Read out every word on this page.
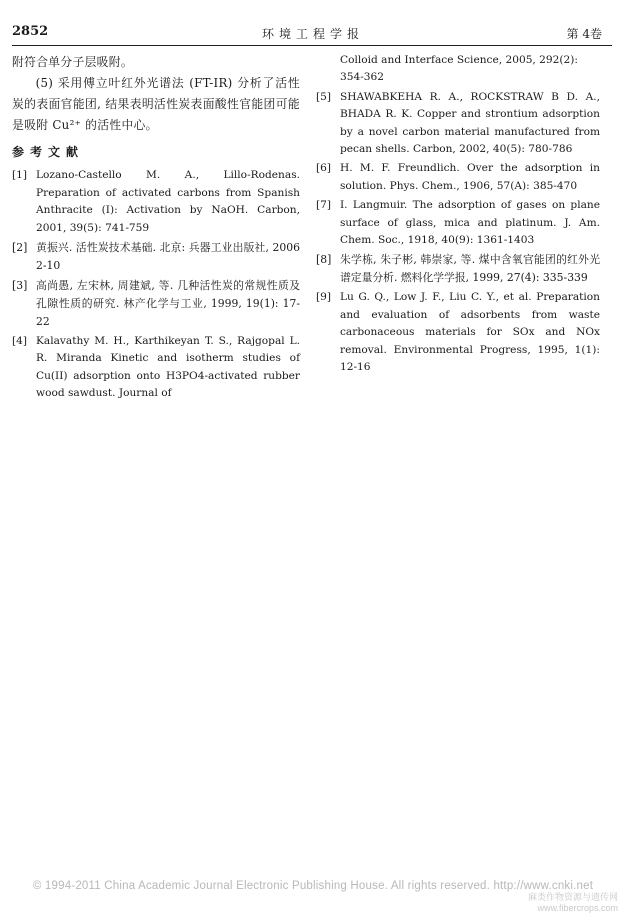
2852	环境工程学报	第 4卷

附符合单分子层吸附。

(5) 采用傅立叶红外光谱法 (FT-IR) 分析了活性炭的表面官能团, 结果表明活性炭表面酸性官能团可能是吸附 Cu²⁺ 的活性中心。

参考文献
[1] Lozano-Castello M. A., Lillo-Rodenas. Preparation of activated carbons from Spanish Anthracite (I): Activation by NaOH. Carbon, 2001, 39(5): 741-759
[2] 黄振兴. 活性炭技术基础. 北京: 兵器工业出版社, 2006 2-10
[3] 高尚愚, 左宋林, 周建斌, 等. 几种活性炭的常规性质及孔隙性质的研究. 林产化学与工业, 1999, 19(1): 17-22
[4] Kalavathy M. H., Karthikeyan T. S., Rajgopal L. R. Miranda Kinetic and isotherm studies of Cu(II) adsorption onto H3PO4-activated rubber wood sawdust. Journal of
Colloid and Interface Science, 2005, 292(2): 354-362
[5] SHAWABKEHA R. A., ROCKSTRAW B D. A., BHADA R. K. Copper and strontium adsorption by a novel carbon material manufactured from pecan shells. Carbon, 2002, 40(5): 780-786
[6] H. M. F. Freundlich. Over the adsorption in solution. Phys. Chem., 1906, 57(A): 385-470
[7] I. Langmuir. The adsorption of gases on plane surface of glass, mica and platinum. J. Am. Chem. Soc., 1918, 40(9): 1361-1403
[8] 朱学栋, 朱子彬, 韩崇家, 等. 煤中含氧官能团的红外光谱定量分析. 燃料化学学报, 1999, 27(4): 335-339
[9] Lu G. Q., Low J. F., Liu C. Y., et al. Preparation and evaluation of adsorbents from waste carbonaceous materials for SOx and NOx removal. Environmental Progress, 1995, 1(1): 12-16
© 1994-2011 China Academic Journal Electronic Publishing House. All rights reserved. http://www.cnki.net
麻类作物资源与遗传网
www.fibercrops.com
